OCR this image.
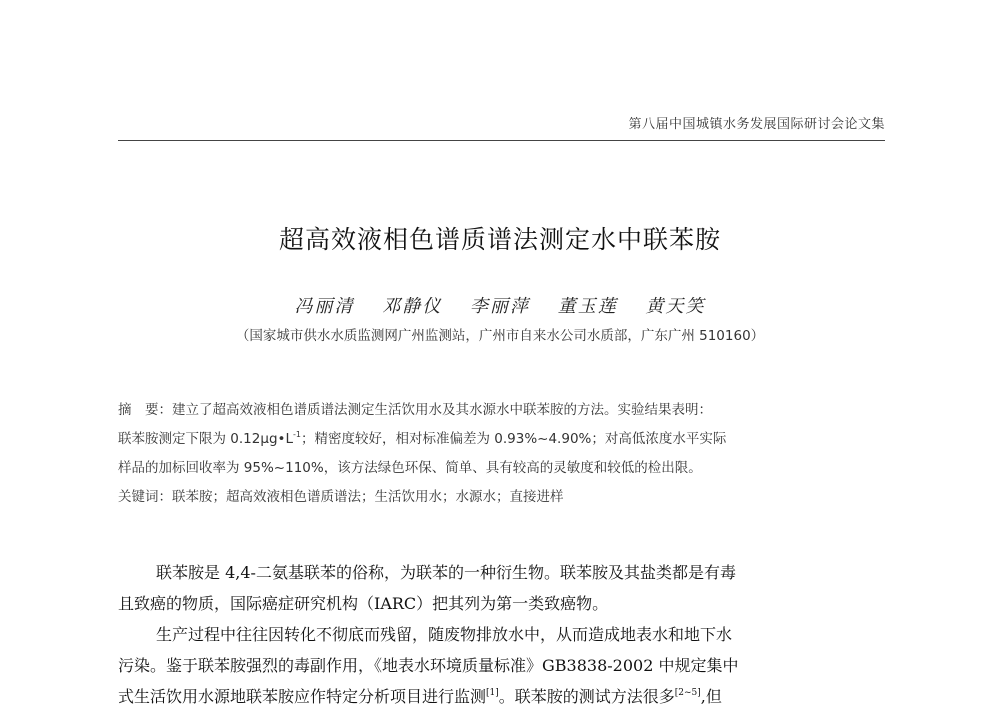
第八届中国城镇水务发展国际研讨会论文集
超高效液相色谱质谱法测定水中联苯胺
冯丽清 邓静仪 李丽萍 董玉莲 黄天笑
（国家城市供水水质监测网广州监测站，广州市自来水公司水质部，广东广州 510160）
摘　要：建立了超高效液相色谱质谱法测定生活饮用水及其水源水中联苯胺的方法。实验结果表明：
联苯胺测定下限为 $0.12\mu g•L^{-1}$；精密度较好，相对标准偏差为 0.93%~4.90%；对高低浓度水平实际
样品的加标回收率为 95%~110%，该方法绿色环保、简单、具有较高的灵敏度和较低的检出限。
关键词：联苯胺；超高效液相色谱质谱法；生活饮用水；水源水；直接进样
联苯胺是 4,4-二氨基联苯的俗称，为联苯的一种衍生物。联苯胺及其盐类都是有毒
且致癌的物质，国际癌症研究机构（IARC）把其列为第一类致癌物。
生产过程中往往因转化不彻底而残留，随废物排放水中，从而造成地表水和地下水
污染。鉴于联苯胺强烈的毒副作用，《地表水环境质量标准》GB3838-2002 中规定集中
式生活饮用水源地联苯胺应作特定分析项目进行监测[1]。联苯胺的测试方法很多[2~5],但
